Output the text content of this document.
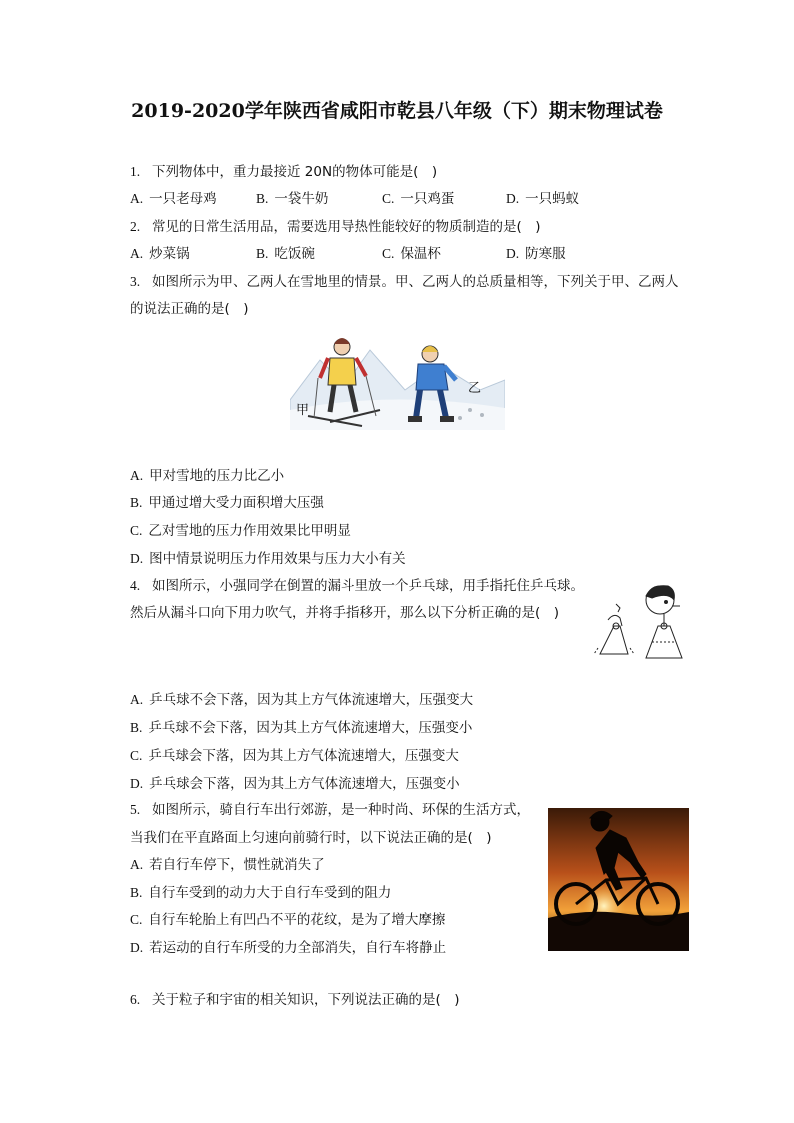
2019-2020学年陕西省咸阳市乾县八年级（下）期末物理试卷
1. 下列物体中，重力最接近 20N的物体可能是(　)
A. 一只老母鸡	B. 一袋牛奶	C. 一只鸡蛋	D. 一只蚂蚁
2. 常见的日常生活用品，需要选用导热性能较好的物质制造的是(　)
A. 炒菜锅	B. 吃饭碗	C. 保温杯	D. 防寒服
3. 如图所示为甲、乙两人在雪地里的情景。甲、乙两人的总质量相等，下列关于甲、乙两人
的说法正确的是(　)
甲
乙
A. 甲对雪地的压力比乙小
B. 甲通过增大受力面积增大压强
C. 乙对雪地的压力作用效果比甲明显
D. 图中情景说明压力作用效果与压力大小有关
4. 如图所示，小强同学在倒置的漏斗里放一个乒乓球，用手指托住乒乓球。
然后从漏斗口向下用力吹气，并将手指移开，那么以下分析正确的是(　)
A. 乒乓球不会下落，因为其上方气体流速增大，压强变大
B. 乒乓球不会下落，因为其上方气体流速增大，压强变小
C. 乒乓球会下落，因为其上方气体流速增大，压强变大
D. 乒乓球会下落，因为其上方气体流速增大，压强变小
5. 如图所示，骑自行车出行郊游，是一种时尚、环保的生活方式，
当我们在平直路面上匀速向前骑行时，以下说法正确的是(　)
A. 若自行车停下，惯性就消失了
B. 自行车受到的动力大于自行车受到的阻力
C. 自行车轮胎上有凹凸不平的花纹，是为了增大摩擦
D. 若运动的自行车所受的力全部消失，自行车将静止
6. 关于粒子和宇宙的相关知识，下列说法正确的是(　)
